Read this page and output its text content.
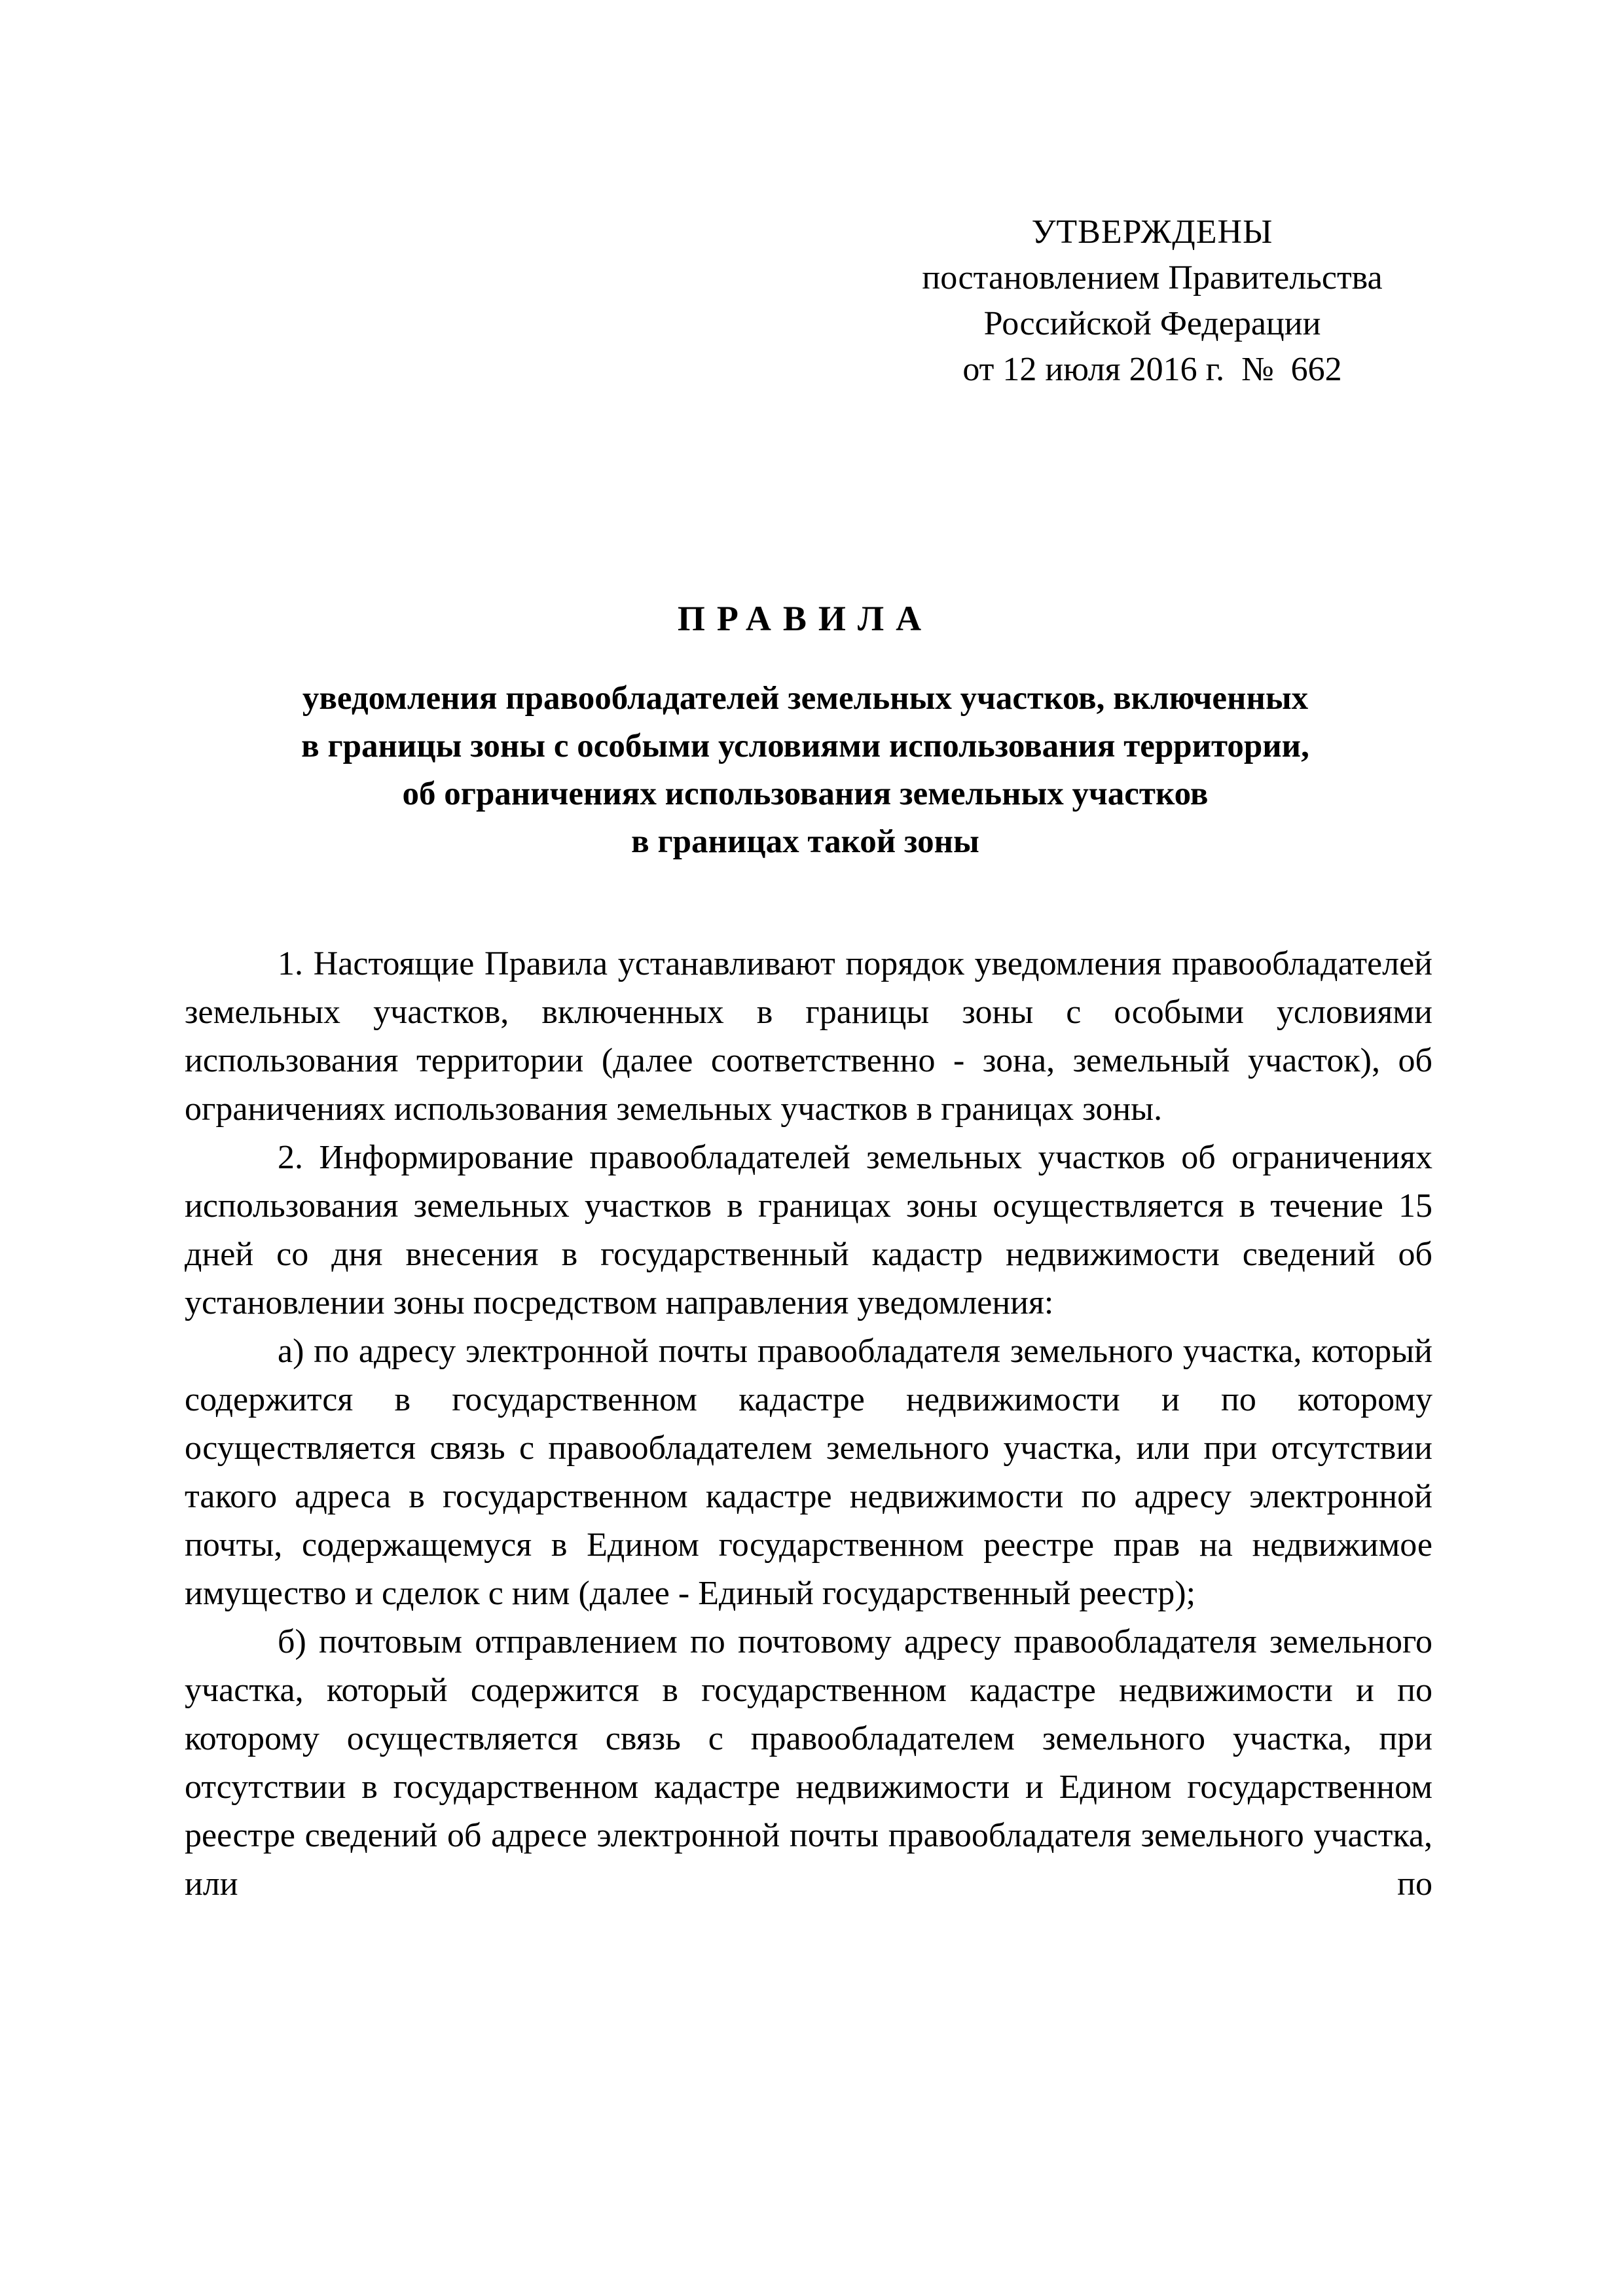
УТВЕРЖДЕНЫ
постановлением Правительства
Российской Федерации
от 12 июля 2016 г.  №  662
ПРАВИЛА
уведомления правообладателей земельных участков, включенных
в границы зоны с особыми условиями использования территории,
об ограничениях использования земельных участков
в границах такой зоны

1. Настоящие Правила устанавливают порядок уведомления правообладателей земельных участков, включенных в границы зоны с особыми условиями использования территории (далее соответственно - зона, земельный участок), об ограничениях использования земельных участков в границах зоны.

2. Информирование правообладателей земельных участков об ограничениях использования земельных участков в границах зоны осуществляется в течение 15 дней со дня внесения в государственный кадастр недвижимости сведений об установлении зоны посредством направления уведомления:

а) по адресу электронной почты правообладателя земельного участка, который содержится в государственном кадастре недвижимости и по которому осуществляется связь с правообладателем земельного участка, или при отсутствии такого адреса в государственном кадастре недвижимости по адресу электронной почты, содержащемуся в Едином государственном реестре прав на недвижимое имущество и сделок с ним (далее - Единый государственный реестр);

б) почтовым отправлением по почтовому адресу правообладателя земельного участка, который содержится в государственном кадастре недвижимости и по которому осуществляется связь с правообладателем земельного участка, при отсутствии в государственном кадастре недвижимости и Едином государственном реестре сведений об адресе электронной почты правообладателя земельного участка, или по
